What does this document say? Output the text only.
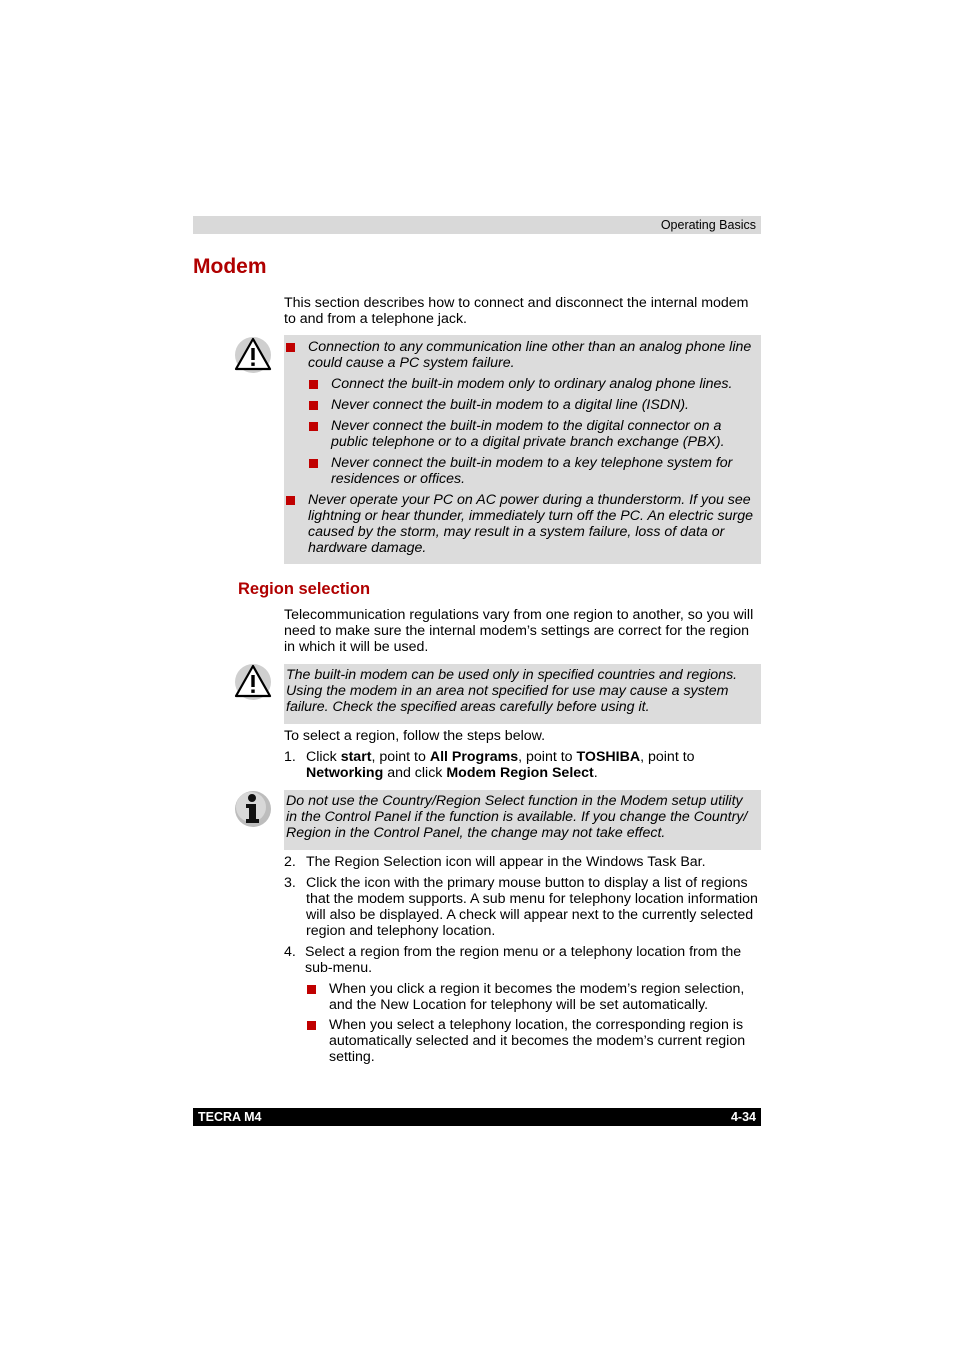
Operating Basics
Modem

This section describes how to connect and disconnect the internal modem to and from a telephone jack.

Connection to any communication line other than an analog phone line could cause a PC system failure.

Connect the built-in modem only to ordinary analog phone lines.

Never connect the built-in modem to a digital line (ISDN).

Never connect the built-in modem to the digital connector on a public telephone or to a digital private branch exchange (PBX).

Never connect the built-in modem to a key telephone system for residences or offices.

Never operate your PC on AC power during a thunderstorm. If you see lightning or hear thunder, immediately turn off the PC. An electric surge caused by the storm, may result in a system failure, loss of data or hardware damage.

Region selection

Telecommunication regulations vary from one region to another, so you will need to make sure the internal modem’s settings are correct for the region in which it will be used.

The built-in modem can be used only in specified countries and regions. Using the modem in an area not specified for use may cause a system failure. Check the specified areas carefully before using it.

To select a region, follow the steps below.

1. Click start, point to All Programs, point to TOSHIBA, point to
Networking and click Modem Region Select.

Do not use the Country/Region Select function in the Modem setup utility in the Control Panel if the function is available. If you change the Country/ Region in the Control Panel, the change may not take effect.

2. The Region Selection icon will appear in the Windows Task Bar.
3. Click the icon with the primary mouse button to display a list of regions that the modem supports. A sub menu for telephony location information will also be displayed. A check will appear next to the currently selected region and telephony location.
4. Select a region from the region menu or a telephony location from the sub-menu.

When you click a region it becomes the modem’s region selection, and the New Location for telephony will be set automatically.

When you select a telephony location, the corresponding region is automatically selected and it becomes the modem’s current region setting.

TECRA M4	4-34
